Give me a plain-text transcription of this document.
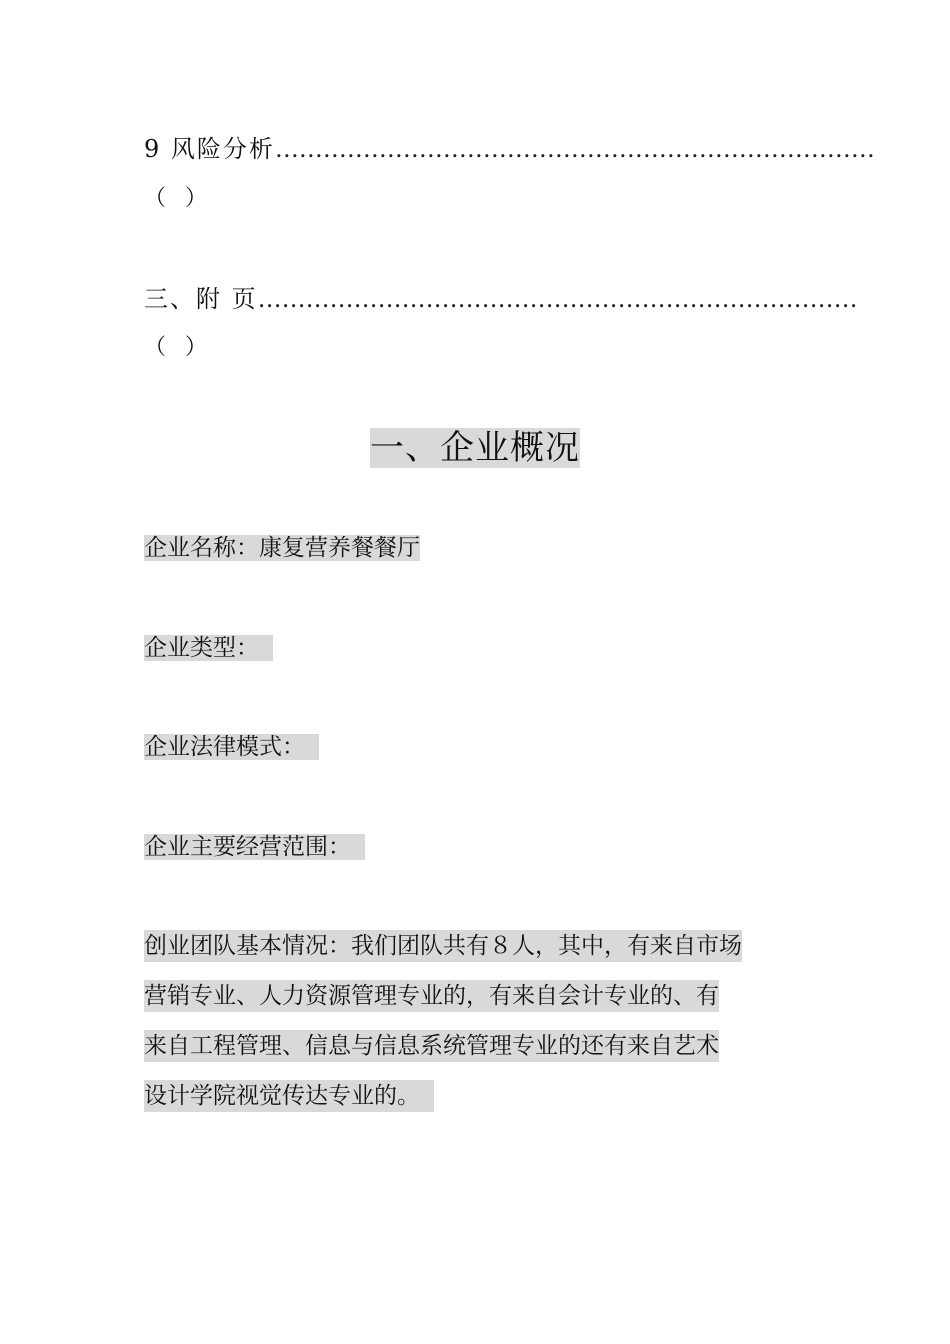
9 风险分析…………………………………………………………………
（ ）
三、附 页…………………………………………………………………
（ ）
一、企业概况
企业名称：康复营养餐餐厅
企业类型：
企业法律模式：
企业主要经营范围：
创业团队基本情况：我们团队共有８人，其中，有来自市场
营销专业、人力资源管理专业的，有来自会计专业的、有
来自工程管理、信息与信息系统管理专业的还有来自艺术
设计学院视觉传达专业的。
